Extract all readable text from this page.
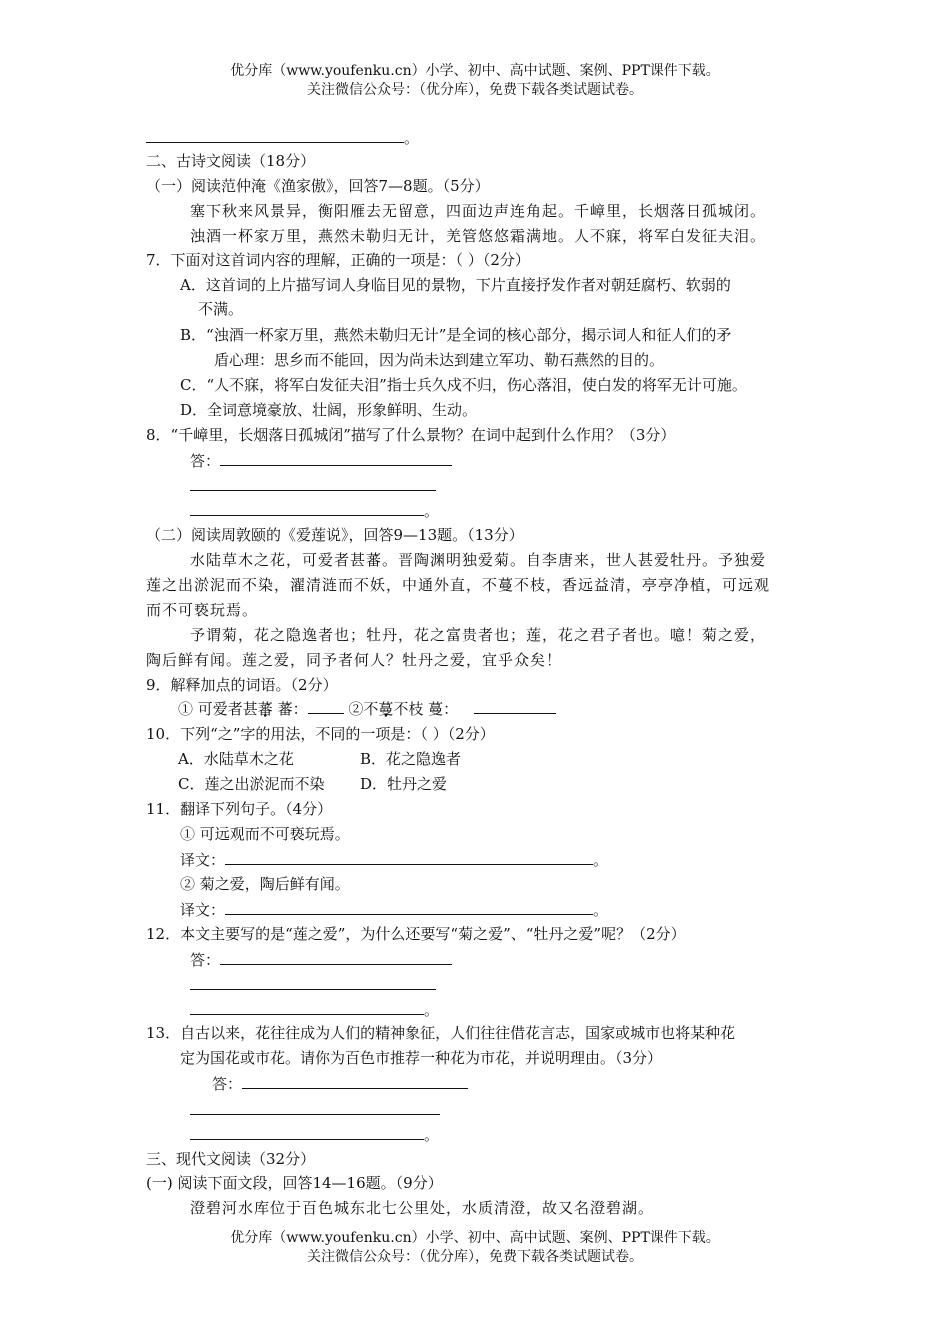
优分库（www.youfenku.cn）小学、初中、高中试题、案例、PPT课件下载。
关注微信公众号：（优分库），免费下载各类试题试卷。
。
二、古诗文阅读（18分）
（一）阅读范仲淹《渔家傲》，回答7—8题。（5分）
塞下秋来风景异，衡阳雁去无留意，四面边声连角起。千嶂里，长烟落日孤城闭。
浊酒一杯家万里，燕然未勒归无计，羌管悠悠霜满地。人不寐，将军白发征夫泪。
7．下面对这首词内容的理解，正确的一项是：（ ）（2分）
A．这首词的上片描写词人身临目见的景物，下片直接抒发作者对朝廷腐朽、软弱的
不满。
B．“浊酒一杯家万里，燕然未勒归无计”是全词的核心部分，揭示词人和征人们的矛
盾心理：思乡而不能回，因为尚未达到建立军功、勒石燕然的目的。
C．“人不寐，将军白发征夫泪”指士兵久戍不归，伤心落泪，使白发的将军无计可施。
D．全词意境豪放、壮阔，形象鲜明、生动。
8．“千嶂里，长烟落日孤城闭”描写了什么景物？在词中起到什么作用？（3分）
答：
。
（二）阅读周敦颐的《爱莲说》，回答9—13题。（13分）
水陆草木之花，可爱者甚蕃。晋陶渊明独爱菊。自李唐来，世人甚爱牡丹。予独爱
莲之出淤泥而不染，濯清涟而不妖，中通外直，不蔓不枝，香远益清，亭亭净植，可远观
而不可亵玩焉。
予谓菊，花之隐逸者也；牡丹，花之富贵者也；莲，花之君子者也。噫！菊之爱，
陶后鲜有闻。莲之爱，同予者何人？牡丹之爱，宜乎众矣！
9．解释加点的词语。（2分）
① 可爱者甚蕃 蕃： ②不蔓不枝 蔓：
10．下列“之”字的用法，不同的一项是：（ ）（2分）
A．水陆草木之花	B．花之隐逸者
C．莲之出淤泥而不染 D．牡丹之爱
11．翻译下列句子。（4分）
① 可远观而不可亵玩焉。
译文：	。
② 菊之爱，陶后鲜有闻。
译文：	。
12．本文主要写的是“莲之爱”，为什么还要写“菊之爱”、“牡丹之爱”呢？（2分）
答：
。
13．自古以来，花往往成为人们的精神象征，人们往往借花言志，国家或城市也将某种花
定为国花或市花。请你为百色市推荐一种花为市花，并说明理由。（3分）
答：
。
三、现代文阅读（32分）
(一) 阅读下面文段，回答14—16题。（9分）
澄碧河水库位于百色城东北七公里处，水质清澄，故又名澄碧湖。
优分库（www.youfenku.cn）小学、初中、高中试题、案例、PPT课件下载。
关注微信公众号：（优分库），免费下载各类试题试卷。
